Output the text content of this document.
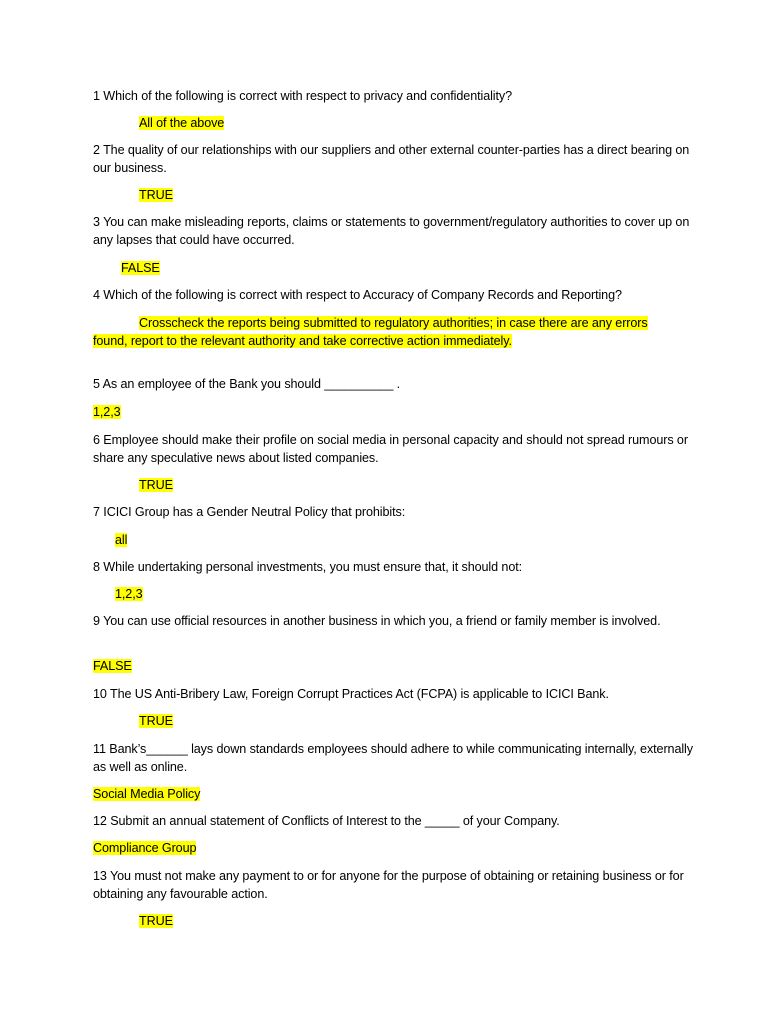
1 Which of the following is correct with respect to privacy and confidentiality?

All of the above

2 The quality of our relationships with our suppliers and other external counter-parties has a direct bearing on our business.

TRUE

3 You can make misleading reports, claims or statements to government/regulatory authorities to cover up on any lapses that could have occurred.

FALSE

4 Which of the following is correct with respect to Accuracy of Company Records and Reporting?

Crosscheck the reports being submitted to regulatory authorities; in case there are any errors found, report to the relevant authority and take corrective action immediately.

5 As an employee of the Bank you should __________ .

1,2,3

6 Employee should make their profile on social media in personal capacity and should not spread rumours or share any speculative news about listed companies.

TRUE

7 ICICI Group has a Gender Neutral Policy that prohibits:

all

8 While undertaking personal investments, you must ensure that, it should not:

1,2,3

9 You can use official resources in another business in which you, a friend or family member is involved.

FALSE

10 The US Anti-Bribery Law, Foreign Corrupt Practices Act (FCPA) is applicable to ICICI Bank.

TRUE

11 Bank’s______ lays down standards employees should adhere to while communicating internally, externally as well as online.

Social Media Policy

12 Submit an annual statement of Conflicts of Interest to the _____ of your Company.

Compliance Group

13 You must not make any payment to or for anyone for the purpose of obtaining or retaining business or for obtaining any favourable action.

TRUE
